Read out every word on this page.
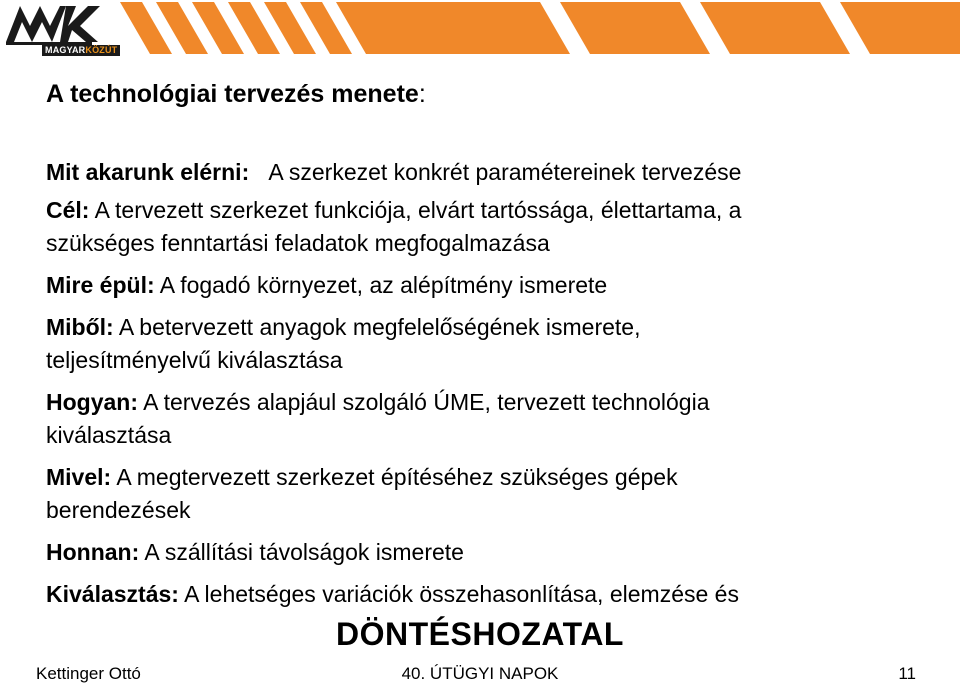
MAGYARKÖZÚT
A technológiai tervezés menete:
Mit akarunk elérni: A szerkezet konkrét paramétereinek tervezése
Cél: A tervezett szerkezet funkciója, elvárt tartóssága, élettartama, a
szükséges fenntartási feladatok megfogalmazása
Mire épül: A fogadó környezet, az alépítmény ismerete
Miből: A betervezett anyagok megfelelőségének ismerete,
teljesítményelvű kiválasztása
Hogyan: A tervezés alapjául szolgáló ÚME, tervezett technológia
kiválasztása
Mivel: A megtervezett szerkezet építéséhez szükséges gépek
berendezések
Honnan: A szállítási távolságok ismerete
Kiválasztás: A lehetséges variációk összehasonlítása, elemzése és
DÖNTÉSHOZATAL
Kettinger Ottó	40. ÚTÜGYI NAPOK	11
